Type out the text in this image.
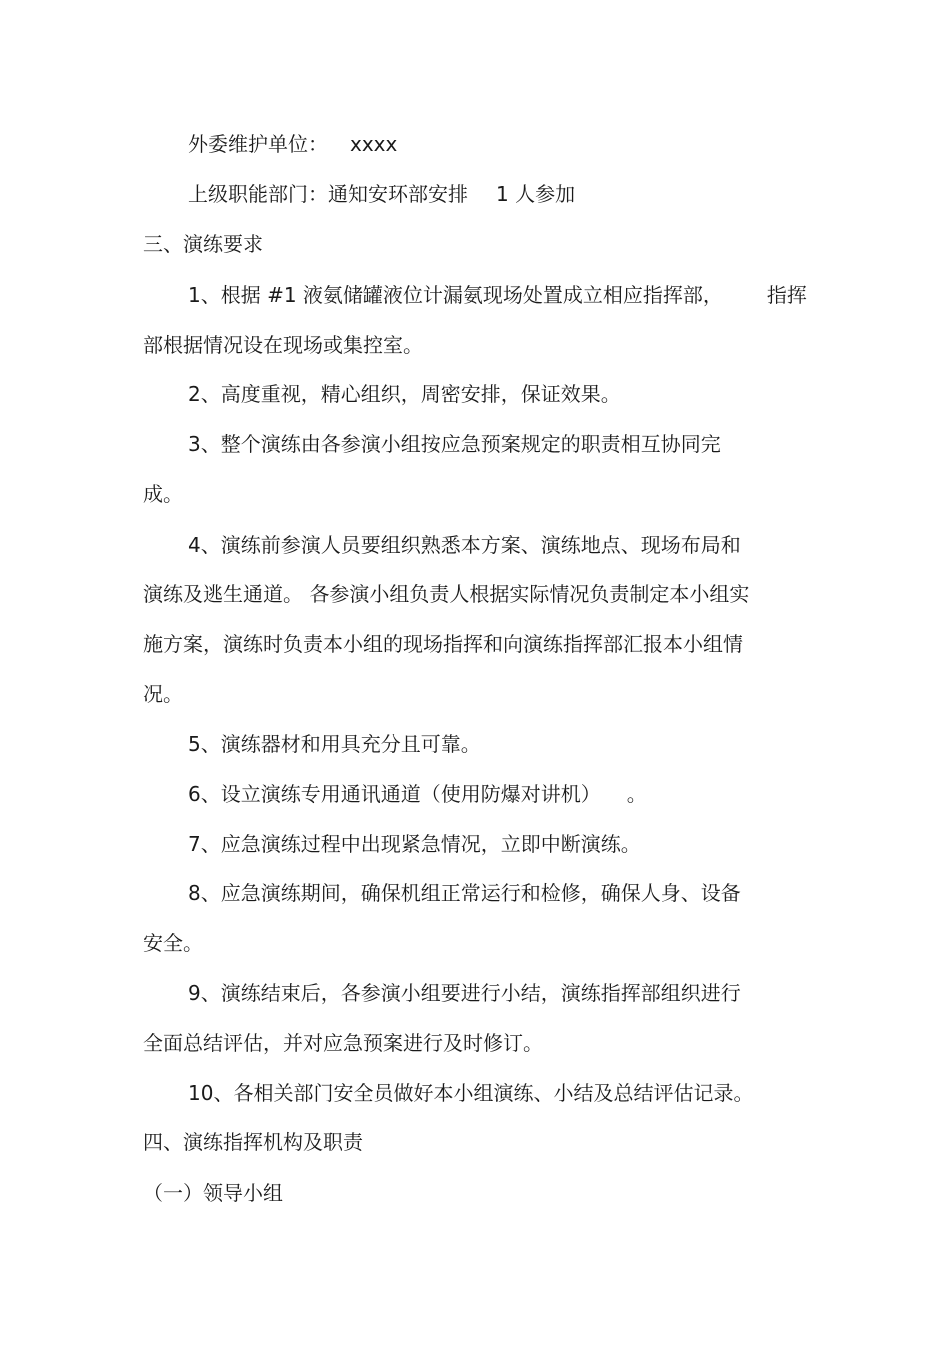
外委维护单位： xxxx
上级职能部门：通知安环部安排 1 人参加
三、演练要求
1、根据 #1 液氨储罐液位计漏氨现场处置成立相应指挥部， 指挥
部根据情况设在现场或集控室。
2、高度重视，精心组织，周密安排，保证效果。
3、整个演练由各参演小组按应急预案规定的职责相互协同完
成。
4、演练前参演人员要组织熟悉本方案、演练地点、现场布局和
演练及逃生通道。 各参演小组负责人根据实际情况负责制定本小组实
施方案，演练时负责本小组的现场指挥和向演练指挥部汇报本小组情
况。
5、演练器材和用具充分且可靠。
6、设立演练专用通讯通道（使用防爆对讲机） 。
7、应急演练过程中出现紧急情况，立即中断演练。
8、应急演练期间，确保机组正常运行和检修，确保人身、设备
安全。
9、演练结束后，各参演小组要进行小结，演练指挥部组织进行
全面总结评估，并对应急预案进行及时修订。
10、各相关部门安全员做好本小组演练、小结及总结评估记录。
四、演练指挥机构及职责
（一）领导小组
